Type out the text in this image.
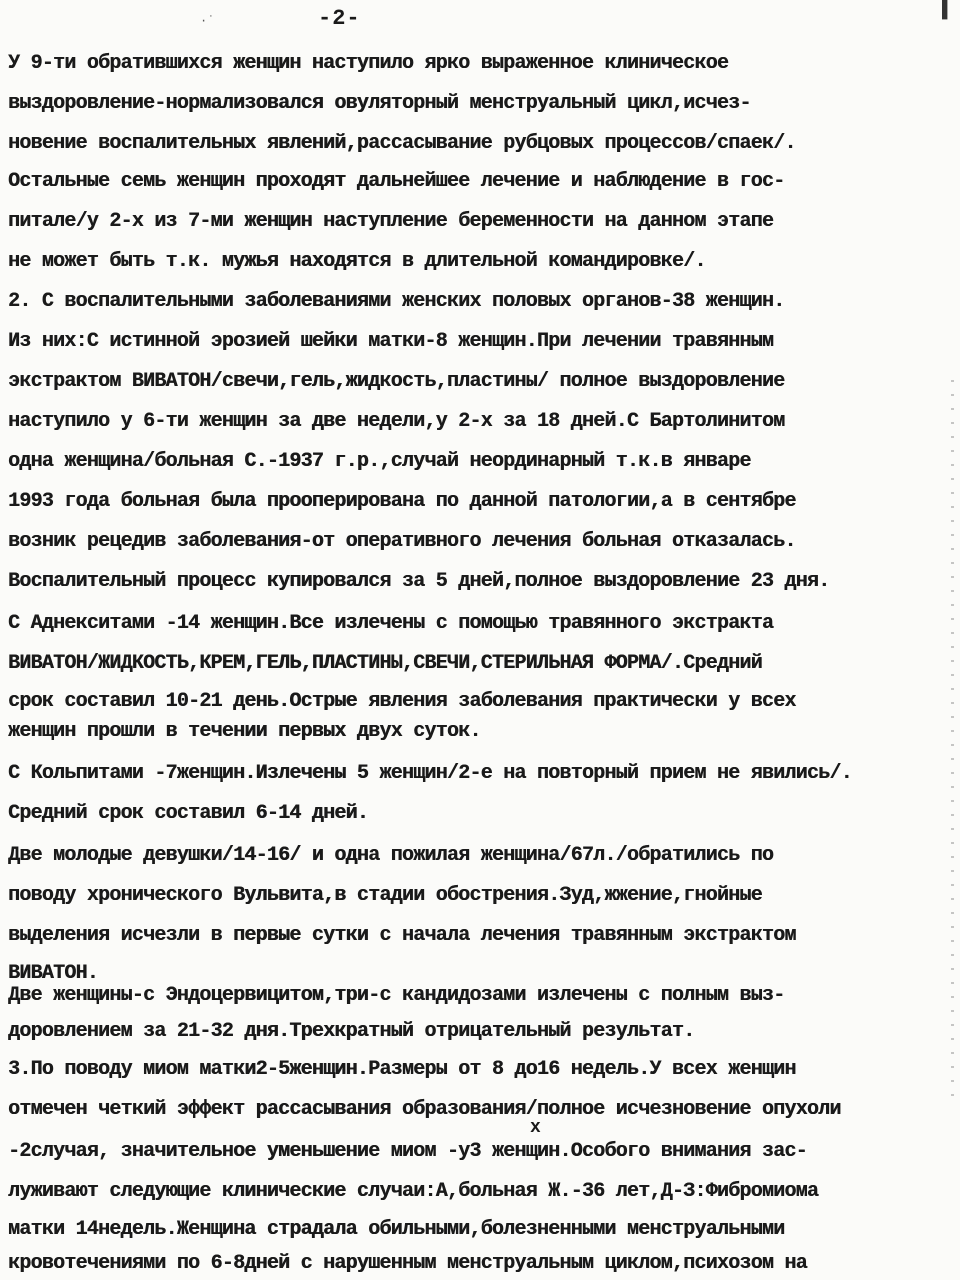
·˙
▌
-2-
У 9-ти обратившихся женщин наступило ярко выраженное клиническое
выздоровление-нормализовался овуляторный менструальный цикл,исчез-
новение воспалительных явлений,рассасывание рубцовых процессов/спаек/.
Остальные семь женщин проходят дальнейшее лечение и наблюдение в гос-
питале/у 2-х из 7-ми женщин наступление беременности на данном этапе
не может быть т.к. мужья находятся в длительной командировке/.
2. С воспалительными заболеваниями женских половых органов-38 женщин.
Из них:С истинной эрозией шейки матки-8 женщин.При лечении травянным
экстрактом ВИВАТОН/свечи,гель,жидкость,пластины/ полное выздоровление
наступило у 6-ти женщин за две недели,у 2-х за 18 дней.С Бартолинитом
одна женщина/больная С.-1937 г.р.,случай неординарный т.к.в январе
1993 года больная была прооперирована по данной патологии,а в сентябре
возник рецедив заболевания-от оперативного лечения больная отказалась.
Воспалительный процесс купировался за 5 дней,полное выздоровление 23 дня.
С Аднекситами -14 женщин.Все излечены с помощью травянного экстракта
ВИВАТОН/ЖИДКОСТЬ,КРЕМ,ГЕЛЬ,ПЛАСТИНЫ,СВЕЧИ,СТЕРИЛЬНАЯ ФОРМА/.Средний
срок составил 10-21 день.Острые явления заболевания практически у всех
женщин прошли в течении первых двух суток.
С Кольпитами -7женщин.Излечены 5 женщин/2-е на повторный прием не явились/.
Средний срок составил 6-14 дней.
Две молодые девушки/14-16/ и одна пожилая женщина/67л./обратились по
поводу хронического Вульвита,в стадии обострения.Зуд,жжение,гнойные
выделения исчезли в первые сутки с начала лечения травянным экстрактом
ВИВАТОН.
Две женщины-с Эндоцервицитом,три-с кандидозами излечены с полным выз-
доровлением за 21-32 дня.Трехкратный отрицательный результат.
3.По поводу миом матки2-5женщин.Размеры от 8 до16 недель.У всех женщин
отмечен четкий эффект рассасывания образования/полное исчезновение опухоли
-2случая, значительное уменьшение миом -у3 женщин.Особого внимания зас-
луживают следующие клинические случаи:А,больная Ж.-36 лет,Д-З:Фибромиома
матки 14недель.Женщина страдала обильными,болезненными менструальными
кровотечениями по 6-8дней с нарушенным менструальным циклом,психозом на
х
